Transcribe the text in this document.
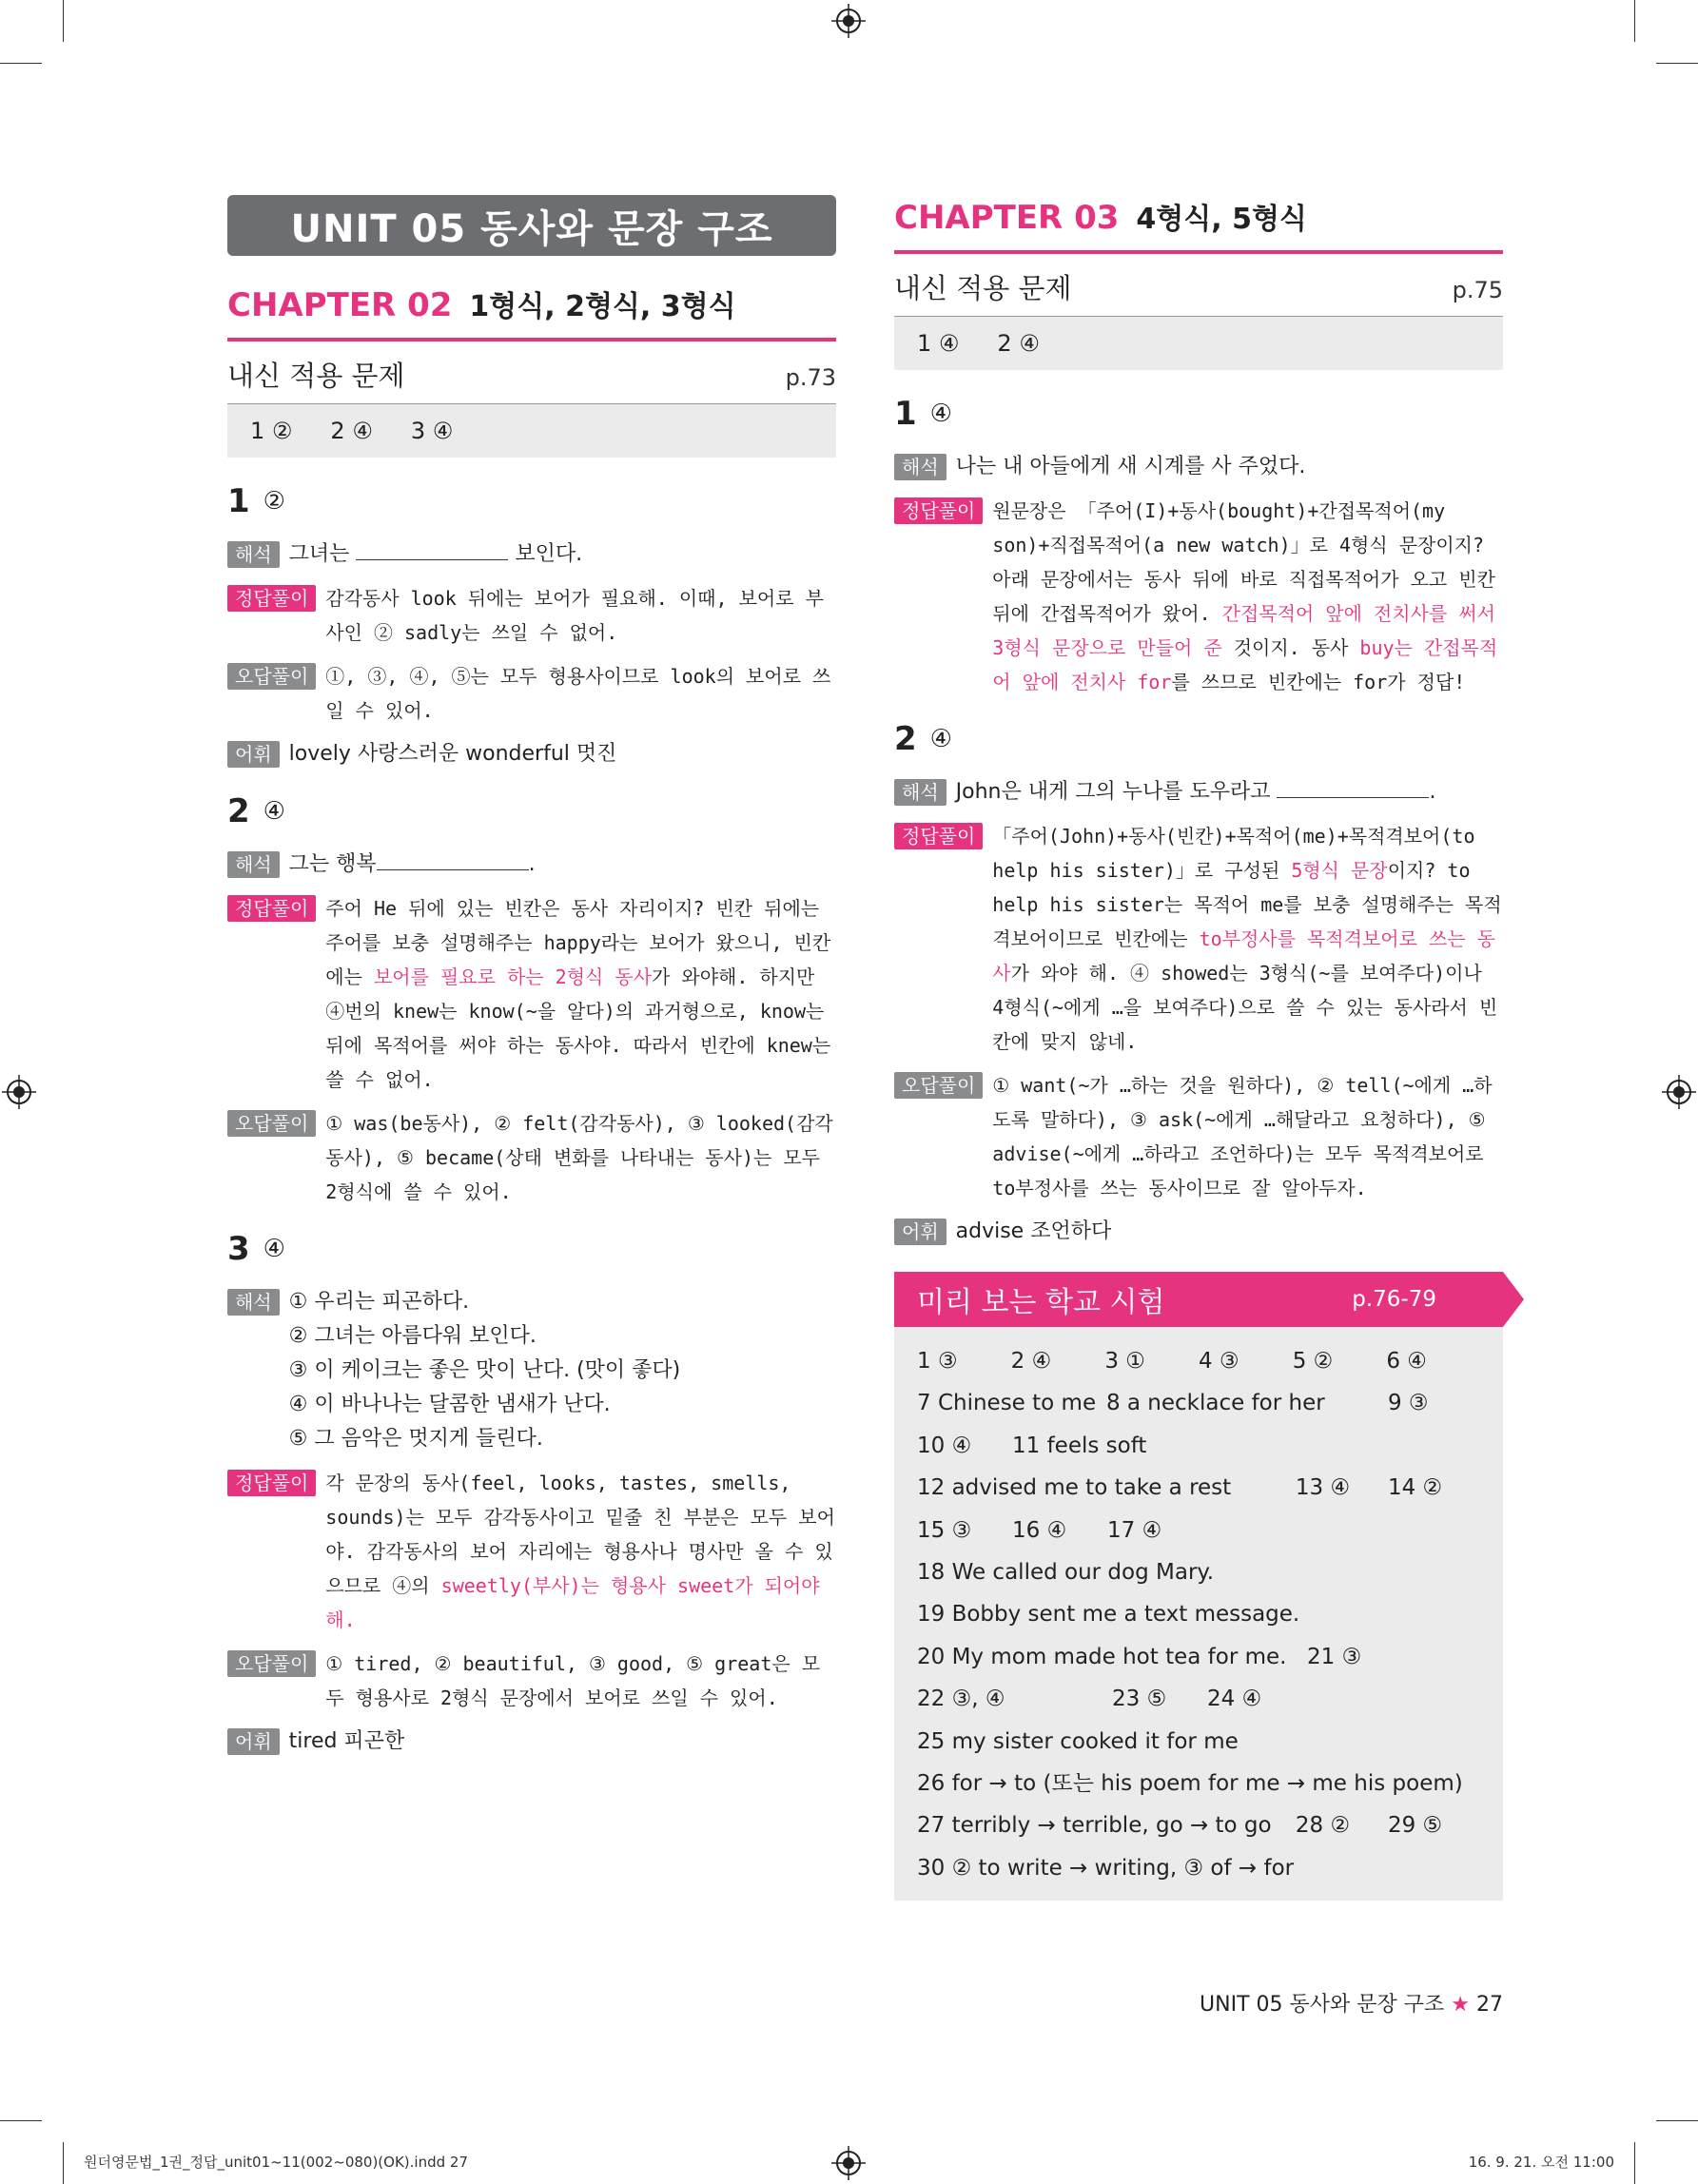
UNIT 05 동사와 문장 구조
CHAPTER 02 1형식, 2형식, 3형식
내신 적용 문제	p.73
1 ② 2 ④ 3 ④
1 ②
해석 그녀는	보인다.
정답풀이 감각동사 look 뒤에는 보어가 필요해. 이때, 보어로 부사인 ② sadly는 쓰일 수 없어.
오답풀이 ①, ③, ④, ⑤는 모두 형용사이므로 look의 보어로 쓰일 수 있어.
어휘 lovely 사랑스러운 wonderful 멋진
2 ④
해석 그는 행복	.
정답풀이 주어 He 뒤에 있는 빈칸은 동사 자리이지? 빈칸 뒤에는 주어를 보충 설명해주는 happy라는 보어가 왔으니, 빈칸에는 보어를 필요로 하는 2형식 동사가 와야해. 하지만 ④번의 knew는 know(~을 알다)의 과거형으로, know는 뒤에 목적어를 써야 하는 동사야. 따라서 빈칸에 knew는 쓸 수 없어.
오답풀이 ① was(be동사), ② felt(감각동사), ③ looked(감각동사), ⑤ became(상태 변화를 나타내는 동사)는 모두 2형식에 쓸 수 있어.
3 ④
해석 ① 우리는 피곤하다.
② 그녀는 아름다워 보인다.
③ 이 케이크는 좋은 맛이 난다. (맛이 좋다)
④ 이 바나나는 달콤한 냄새가 난다.
⑤ 그 음악은 멋지게 들린다.
정답풀이 각 문장의 동사(feel, looks, tastes, smells, sounds)는 모두 감각동사이고 밑줄 친 부분은 모두 보어야. 감각동사의 보어 자리에는 형용사나 명사만 올 수 있으므로 ④의 sweetly(부사)는 형용사 sweet가 되어야 해.
오답풀이 ① tired, ② beautiful, ③ good, ⑤ great은 모두 형용사로 2형식 문장에서 보어로 쓰일 수 있어.
어휘 tired 피곤한
CHAPTER 03 4형식, 5형식
내신 적용 문제	p.75
1 ④ 2 ④
1 ④
해석 나는 내 아들에게 새 시계를 사 주었다.
정답풀이 원문장은 「주어(I)+동사(bought)+간접목적어(my son)+직접목적어(a new watch)」로 4형식 문장이지? 아래 문장에서는 동사 뒤에 바로 직접목적어가 오고 빈칸 뒤에 간접목적어가 왔어. 간접목적어 앞에 전치사를 써서 3형식 문장으로 만들어 준 것이지. 동사 buy는 간접목적어 앞에 전치사 for를 쓰므로 빈칸에는 for가 정답!
2 ④
해석 John은 내게 그의 누나를 도우라고	.
정답풀이 「주어(John)+동사(빈칸)+목적어(me)+목적격보어(to help his sister)」로 구성된 5형식 문장이지? to help his sister는 목적어 me를 보충 설명해주는 목적격보어이므로 빈칸에는 to부정사를 목적격보어로 쓰는 동사가 와야 해. ④ showed는 3형식(~를 보여주다)이나 4형식(~에게 …을 보여주다)으로 쓸 수 있는 동사라서 빈칸에 맞지 않네.
오답풀이 ① want(~가 …하는 것을 원하다), ② tell(~에게 …하도록 말하다), ③ ask(~에게 …해달라고 요청하다), ⑤ advise(~에게 …하라고 조언하다)는 모두 목적격보어로 to부정사를 쓰는 동사이므로 잘 알아두자.
어휘 advise 조언하다
미리 보는 학교 시험	p.76-79
1 ③	2 ④	3 ①	4 ③	5 ②	6 ④
7 Chinese to me 8 a necklace for her	9 ③
10 ④	11 feels soft
12 advised me to take a rest	13 ④	14 ②
15 ③	16 ④	17 ④
18 We called our dog Mary.
19 Bobby sent me a text message.
20 My mom made hot tea for me. 21 ③
22 ③, ④	23 ⑤	24 ④
25 my sister cooked it for me
26 for → to (또는 his poem for me → me his poem)
27 terribly → terrible, go → to go	28 ②	29 ⑤
30 ② to write → writing, ③ of → for
UNIT 05 동사와 문장 구조 ★ 27
원더영문법_1권_정답_unit01~11(002~080)(OK).indd 27	16. 9. 21. 오전 11:00
